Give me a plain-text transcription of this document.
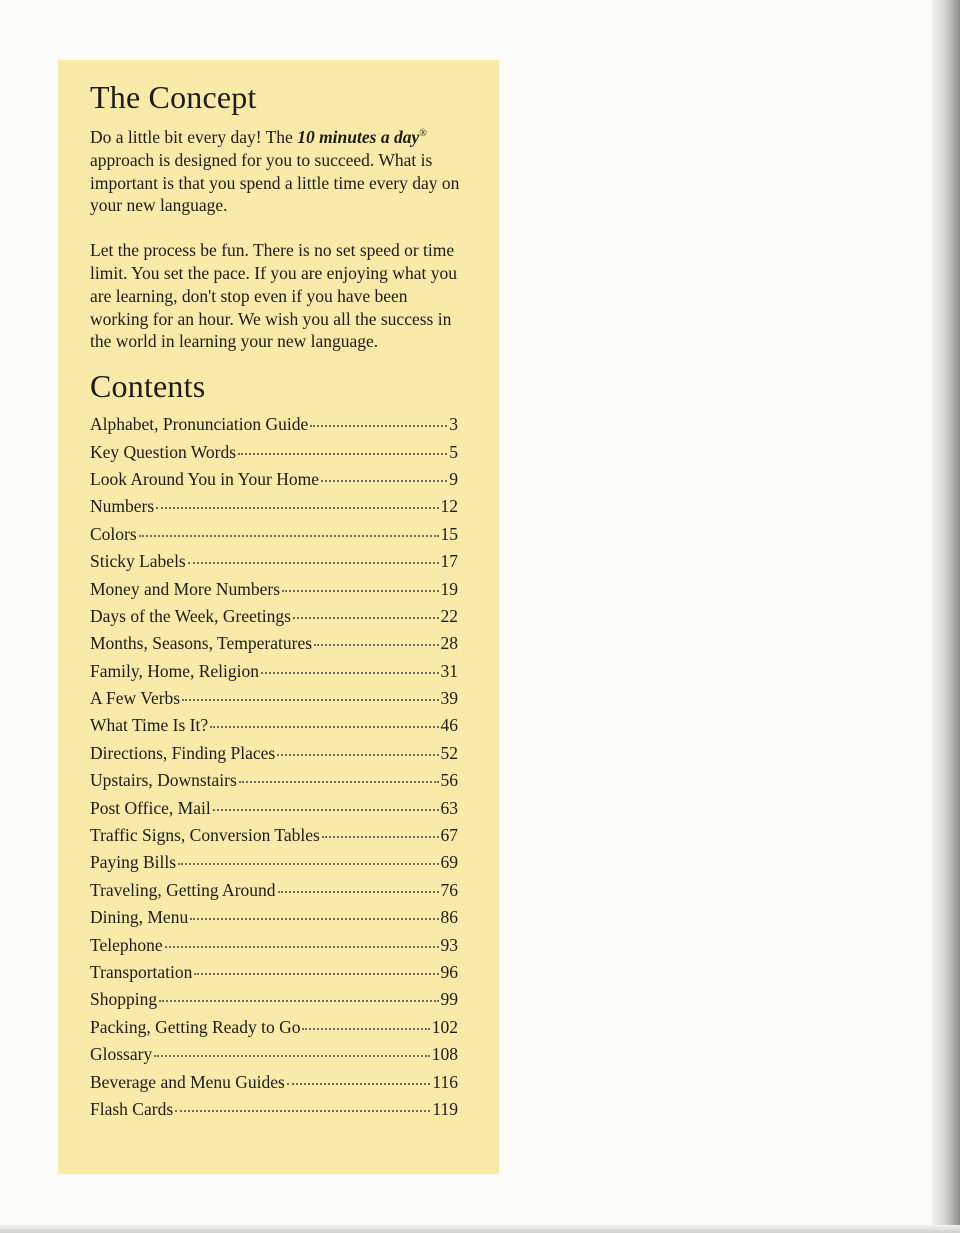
The Concept

Do a little bit every day! The 10 minutes a day® approach is designed for you to succeed. What is important is that you spend a little time every day on your new language.

Let the process be fun. There is no set speed or time limit. You set the pace. If you are enjoying what you are learning, don't stop even if you have been working for an hour. We wish you all the success in the world in learning your new language.

Contents
Alphabet, Pronunciation Guide	3
Key Question Words	5
Look Around You in Your Home	9
Numbers	12
Colors	15
Sticky Labels	17
Money and More Numbers	19
Days of the Week, Greetings	22
Months, Seasons, Temperatures	28
Family, Home, Religion	31
A Few Verbs	39
What Time Is It?	46
Directions, Finding Places	52
Upstairs, Downstairs	56
Post Office, Mail	63
Traffic Signs, Conversion Tables	67
Paying Bills	69
Traveling, Getting Around	76
Dining, Menu	86
Telephone	93
Transportation	96
Shopping	99
Packing, Getting Ready to Go	102
Glossary	108
Beverage and Menu Guides	116
Flash Cards	119
